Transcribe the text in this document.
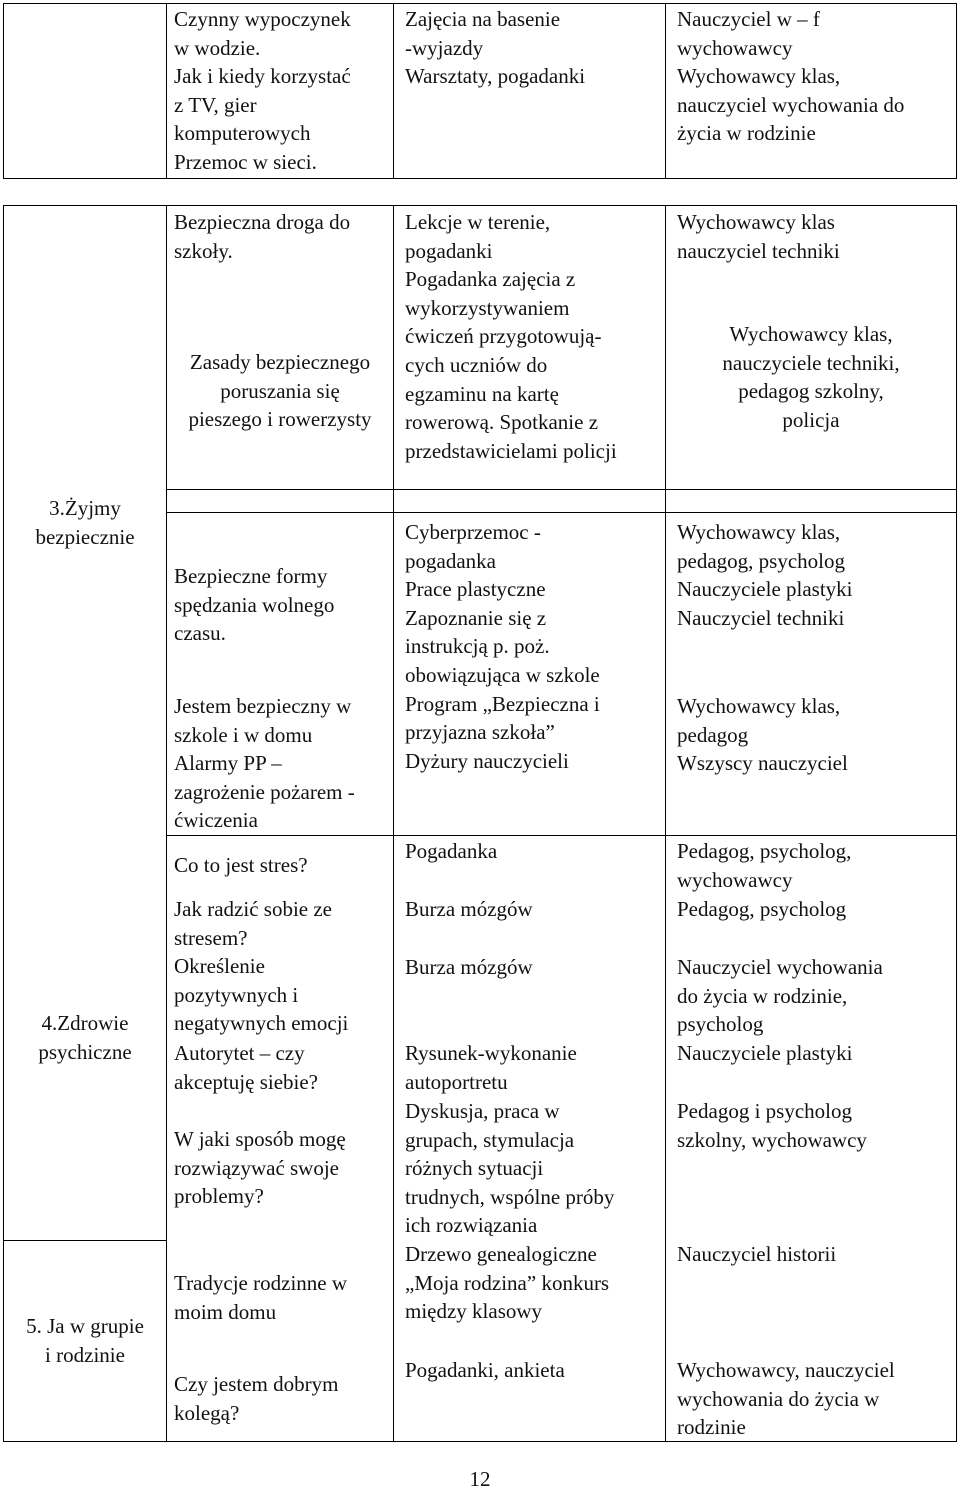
Czynny wypoczynek
w wodzie.
Jak i kiedy korzystać
z TV, gier
komputerowych
Przemoc w sieci.

Zajęcia na basenie
-wyjazdy

Warsztaty, pogadanki

Nauczyciel w – f
wychowawcy

Wychowawcy klas,
nauczyciel wychowania do
życia w rodzinie

3.Żyjmy
bezpiecznie

4.Zdrowie
psychiczne

5. Ja w grupie
i rodzinie

Bezpieczna droga do
szkoły.

Zasady bezpiecznego
poruszania się
pieszego i rowerzysty

Bezpieczne formy
spędzania wolnego
czasu.

Jestem bezpieczny w
szkole i w domu
Alarmy PP –
zagrożenie pożarem -
ćwiczenia

Co to jest stres?

Jak radzić sobie ze
stresem?
Określenie
pozytywnych i
negatywnych emocji

Autorytet – czy
akceptuję siebie?

W jaki sposób mogę
rozwiązywać swoje
problemy?

Tradycje rodzinne w
moim domu

Czy jestem dobrym
kolegą?

Lekcje w terenie,
pogadanki
Pogadanka zajęcia z
wykorzystywaniem
ćwiczeń przygotowują-
cych uczniów do
egzaminu na kartę
rowerową. Spotkanie z
przedstawicielami policji

Cyberprzemoc -
pogadanka
Prace plastyczne
Zapoznanie się z
instrukcją p. poż.
obowiązująca w szkole
Program „Bezpieczna i
przyjazna szkoła”
Dyżury nauczycieli

Pogadanka

Burza mózgów

Burza mózgów

Rysunek-wykonanie
autoportretu

Dyskusja, praca w
grupach, stymulacja
różnych sytuacji
trudnych, wspólne próby
ich rozwiązania

Drzewo genealogiczne
„Moja rodzina” konkurs
między klasowy

Pogadanki, ankieta

Wychowawcy klas
nauczyciel techniki

Wychowawcy klas,
nauczyciele techniki,
pedagog szkolny,
policja

Wychowawcy klas,
pedagog, psycholog
Nauczyciele plastyki
Nauczyciel techniki

Wychowawcy klas,
pedagog
Wszyscy nauczyciel

Pedagog, psycholog,
wychowawcy

Pedagog, psycholog

Nauczyciel wychowania
do życia w rodzinie,
psycholog

Nauczyciele plastyki

Pedagog i psycholog
szkolny, wychowawcy

Nauczyciel historii

Wychowawcy, nauczyciel
wychowania do życia w
rodzinie

12
